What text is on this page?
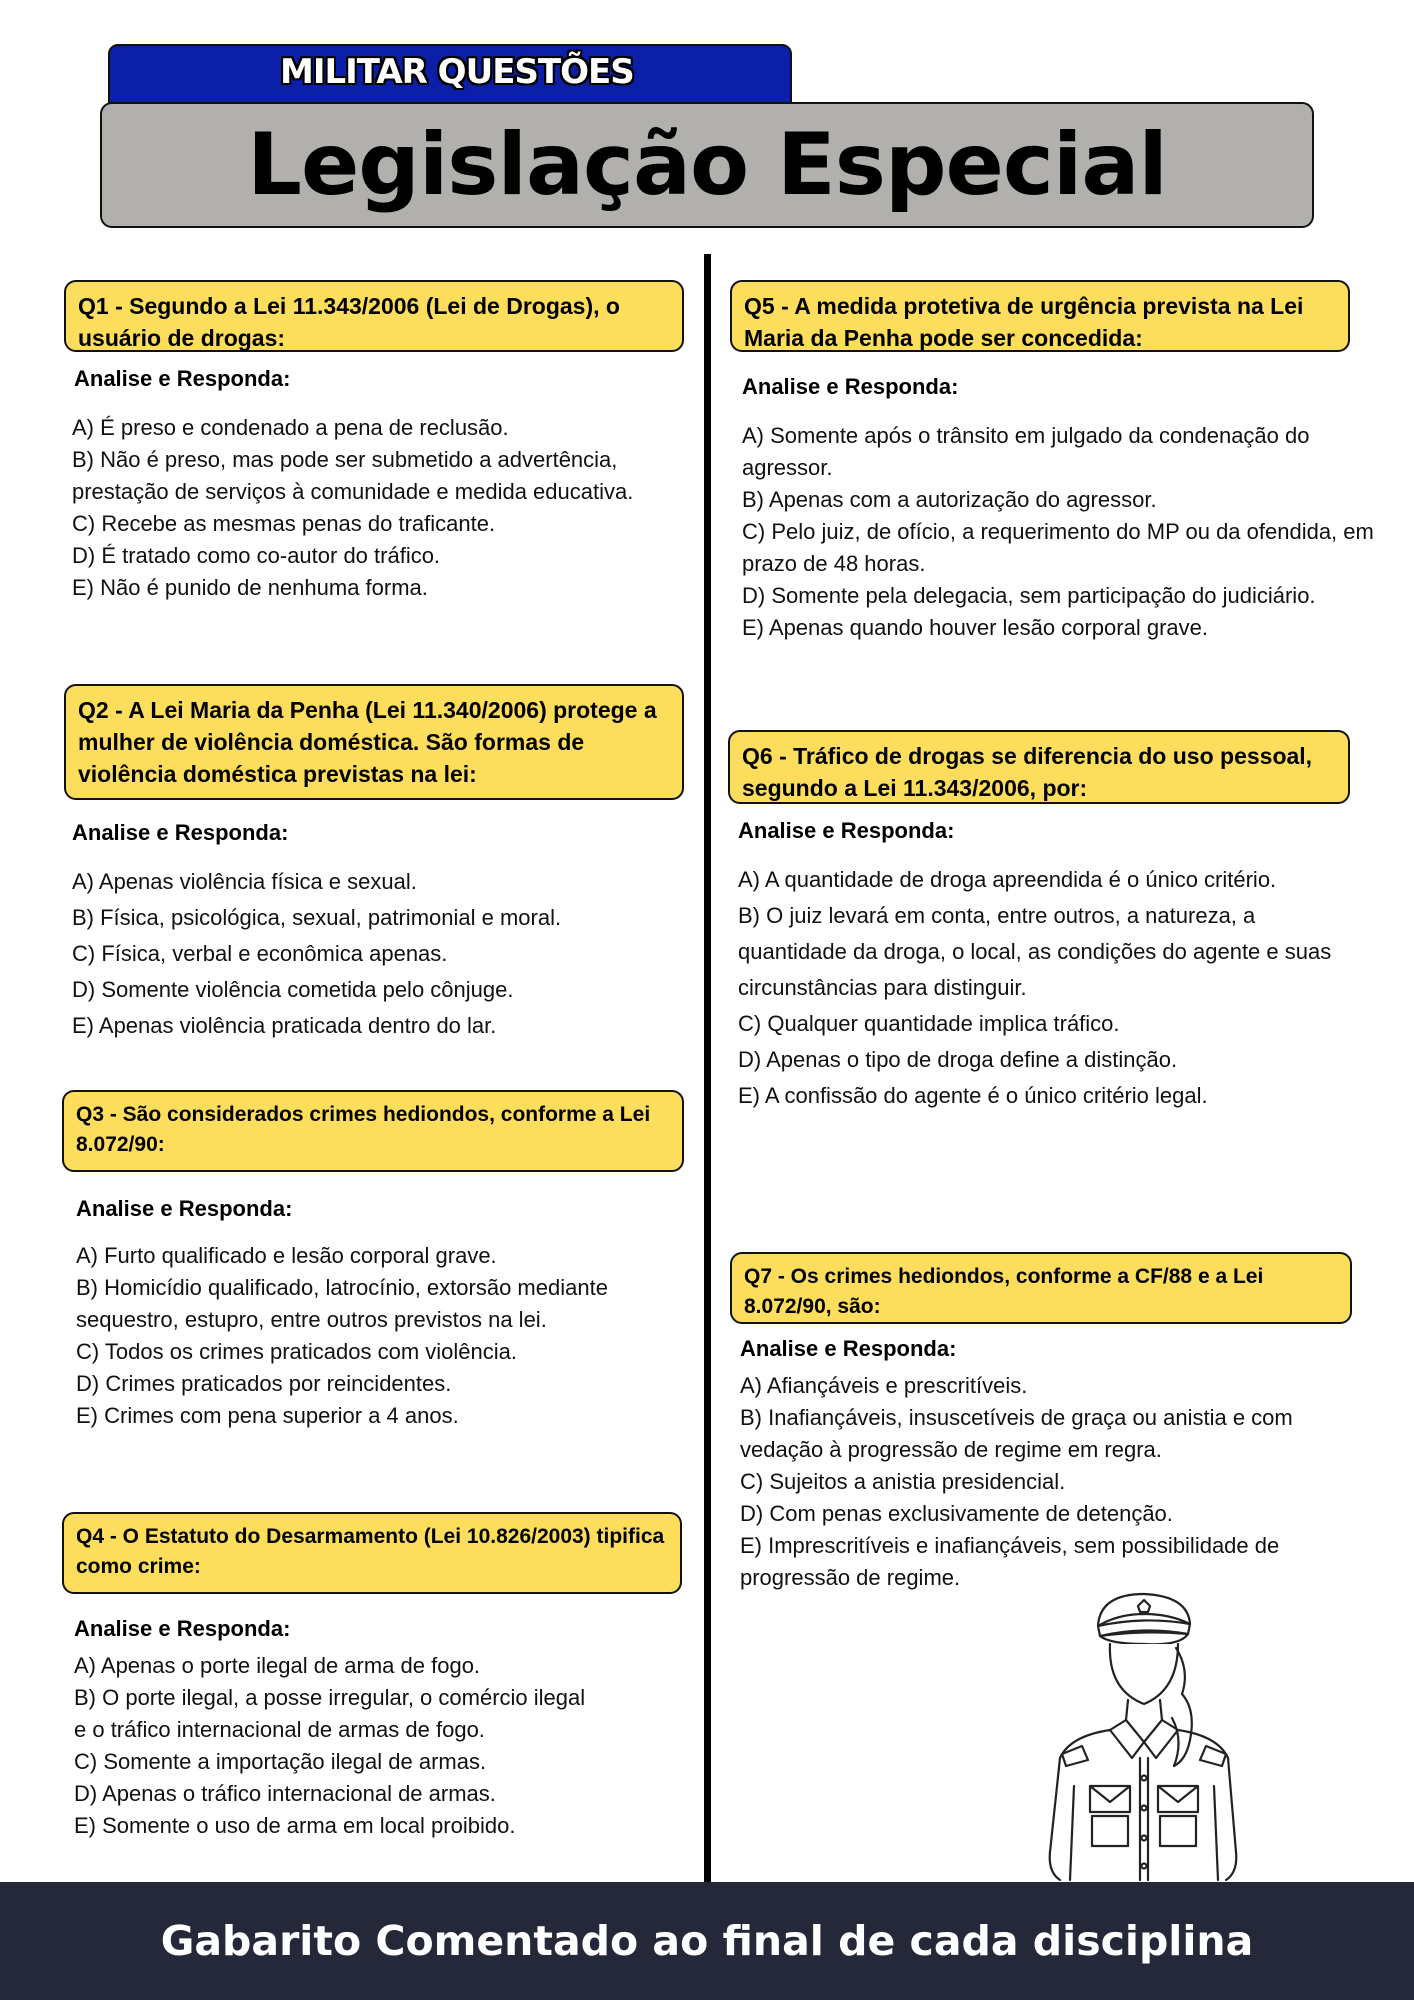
MILITAR QUESTÕES
Legislação Especial
Q1 - Segundo a Lei 11.343/2006 (Lei de Drogas), o usuário de drogas:
Analise e Responda:
A) É preso e condenado a pena de reclusão.
B) Não é preso, mas pode ser submetido a advertência, prestação de serviços à comunidade e medida educativa.
C) Recebe as mesmas penas do traficante.
D) É tratado como co-autor do tráfico.
E) Não é punido de nenhuma forma.
Q2 - A Lei Maria da Penha (Lei 11.340/2006) protege a mulher de violência doméstica. São formas de violência doméstica previstas na lei:
Analise e Responda:
A) Apenas violência física e sexual.
B) Física, psicológica, sexual, patrimonial e moral.
C) Física, verbal e econômica apenas.
D) Somente violência cometida pelo cônjuge.
E) Apenas violência praticada dentro do lar.
Q3 - São considerados crimes hediondos, conforme a Lei 8.072/90:
Analise e Responda:
A) Furto qualificado e lesão corporal grave.
B) Homicídio qualificado, latrocínio, extorsão mediante sequestro, estupro, entre outros previstos na lei.
C) Todos os crimes praticados com violência.
D) Crimes praticados por reincidentes.
E) Crimes com pena superior a 4 anos.
Q4 - O Estatuto do Desarmamento (Lei 10.826/2003) tipifica como crime:
Analise e Responda:
A) Apenas o porte ilegal de arma de fogo.
B) O porte ilegal, a posse irregular, o comércio ilegal e o tráfico internacional de armas de fogo.
C) Somente a importação ilegal de armas.
D) Apenas o tráfico internacional de armas.
E) Somente o uso de arma em local proibido.
Q5 - A medida protetiva de urgência prevista na Lei Maria da Penha pode ser concedida:
Analise e Responda:
A) Somente após o trânsito em julgado da condenação do agressor.
B) Apenas com a autorização do agressor.
C) Pelo juiz, de ofício, a requerimento do MP ou da ofendida, em prazo de 48 horas.
D) Somente pela delegacia, sem participação do judiciário.
E) Apenas quando houver lesão corporal grave.
Q6 - Tráfico de drogas se diferencia do uso pessoal, segundo a Lei 11.343/2006, por:
Analise e Responda:
A) A quantidade de droga apreendida é o único critério.
B) O juiz levará em conta, entre outros, a natureza, a quantidade da droga, o local, as condições do agente e suas circunstâncias para distinguir.
C) Qualquer quantidade implica tráfico.
D) Apenas o tipo de droga define a distinção.
E) A confissão do agente é o único critério legal.
Q7 - Os crimes hediondos, conforme a CF/88 e a Lei 8.072/90, são:
Analise e Responda:
A) Afiançáveis e prescritíveis.
B) Inafiançáveis, insuscetíveis de graça ou anistia e com vedação à progressão de regime em regra.
C) Sujeitos a anistia presidencial.
D) Com penas exclusivamente de detenção.
E) Imprescritíveis e inafiançáveis, sem possibilidade de progressão de regime.
Gabarito Comentado ao final de cada disciplina
